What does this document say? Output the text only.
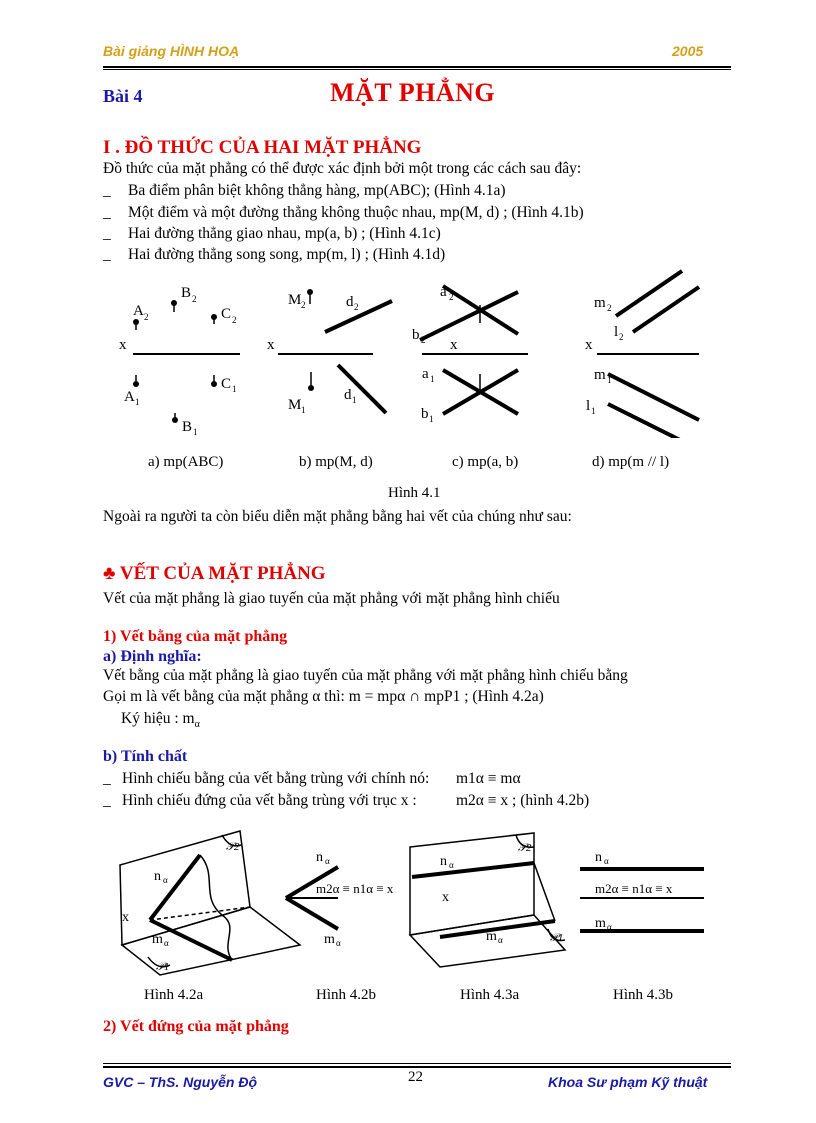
Bài giảng HÌNH HOẠ	2005
Bài 4	MẶT PHẲNG
I . ĐỒ THỨC CỦA HAI MẶT PHẲNG
Đồ thức của mặt phẳng có thể được xác định bởi một trong các cách sau đây:
_ Ba điểm phân biệt không thẳng hàng, mp(ABC); (Hình 4.1a)
_ Một điểm và một đường thẳng không thuộc nhau, mp(M, d) ; (Hình 4.1b)
_ Hai đường thẳng giao nhau, mp(a, b) ; (Hình 4.1c)
_ Hai đường thẳng song song, mp(m, l) ; (Hình 4.1d)
x
A 2
B 2
C 2
A 1
C 1
B 1
x
M 2	d 2
M 1
d 1
x
a 2
b 2
a 1
b 1
x
m 2
l 2
m 1
l 1
a) mp(ABC)	b) mp(M, d)	c) mp(a, b)	d) mp(m // l)
Hình 4.1
Ngoài ra người ta còn biểu diễn mặt phẳng bằng hai vết của chúng như sau:
♣ VẾT CỦA MẶT PHẲNG
Vết của mặt phẳng là giao tuyến của mặt phẳng với mặt phẳng hình chiếu
1) Vết bằng của mặt phẳng
a) Định nghĩa:
Vết bằng của mặt phẳng là giao tuyến của mặt phẳng với mặt phẳng hình chiếu bằng
Gọi m là vết bằng của mặt phẳng α thì: m = mpα ∩ mpP1 ; (Hình 4.2a)
Ký hiệu : $m_\alpha$
b) Tính chất
_ Hình chiếu bằng của vết bằng trùng với chính nó: m1α ≡ mα
_ Hình chiếu đứng của vết bằng trùng với trục x :	m2α ≡ x ; (hình 4.2b)
n α
x
m α
𝒫2
𝒫1
n α
m2α ≡ n1α ≡ x
m α
n α
x
m α
𝒫2
𝒫1
n α
m2α ≡ n1α ≡ x
m α
Hình 4.2a	Hình 4.2b	Hình 4.3a	Hình 4.3b
2) Vết đứng của mặt phẳng
GVC – ThS. Nguyễn Độ	22	Khoa Sư phạm Kỹ thuật
